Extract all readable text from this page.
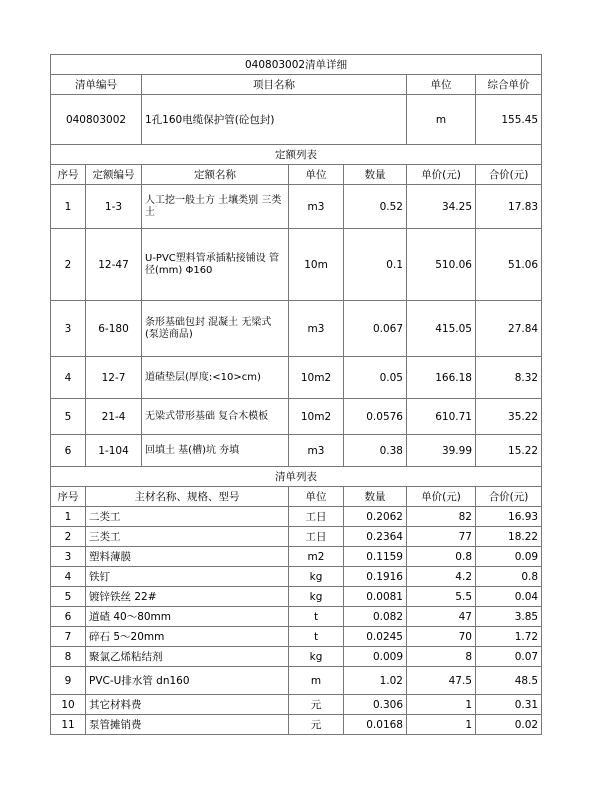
040803002清单详细						
清单编号		项目名称			单位	综合单价
040803002		1孔160电缆保护管(砼包封)			m	155.45
定额列表						
序号	定额编号	定额名称	单位	数量	单价(元)	合价(元)
1	1-3	人工挖一般土方 土壤类别 三类土	m3	0.52	34.25	17.83
2	12-47	U-PVC塑料管承插粘接铺设 管径(mm) Φ160	10m	0.1	510.06	51.06
3	6-180	条形基础包封 混凝土 无梁式(泵送商品)	m3	0.067	415.05	27.84
4	12-7	道碴垫层(厚度:<10>cm)	10m2	0.05	166.18	8.32
5	21-4	无梁式带形基础 复合木模板	10m2	0.0576	610.71	35.22
6	1-104	回填土 基(槽)坑 夯填	m3	0.38	39.99	15.22
清单列表						
序号	主材名称、规格、型号		单位	数量	单价(元)	合价(元)
1	二类工		工日	0.2062	82	16.93
2	三类工		工日	0.2364	77	18.22
3	塑料薄膜		m2	0.1159	0.8	0.09
4	铁钉		kg	0.1916	4.2	0.8
5	镀锌铁丝 22#		kg	0.0081	5.5	0.04
6	道碴 40～80mm		t	0.082	47	3.85
7	碎石 5～20mm		t	0.0245	70	1.72
8	聚氯乙烯粘结剂		kg	0.009	8	0.07
9	PVC-U排水管 dn160		m	1.02	47.5	48.5
10	其它材料费		元	0.306	1	0.31
11	泵管摊销费		元	0.0168	1	0.02
